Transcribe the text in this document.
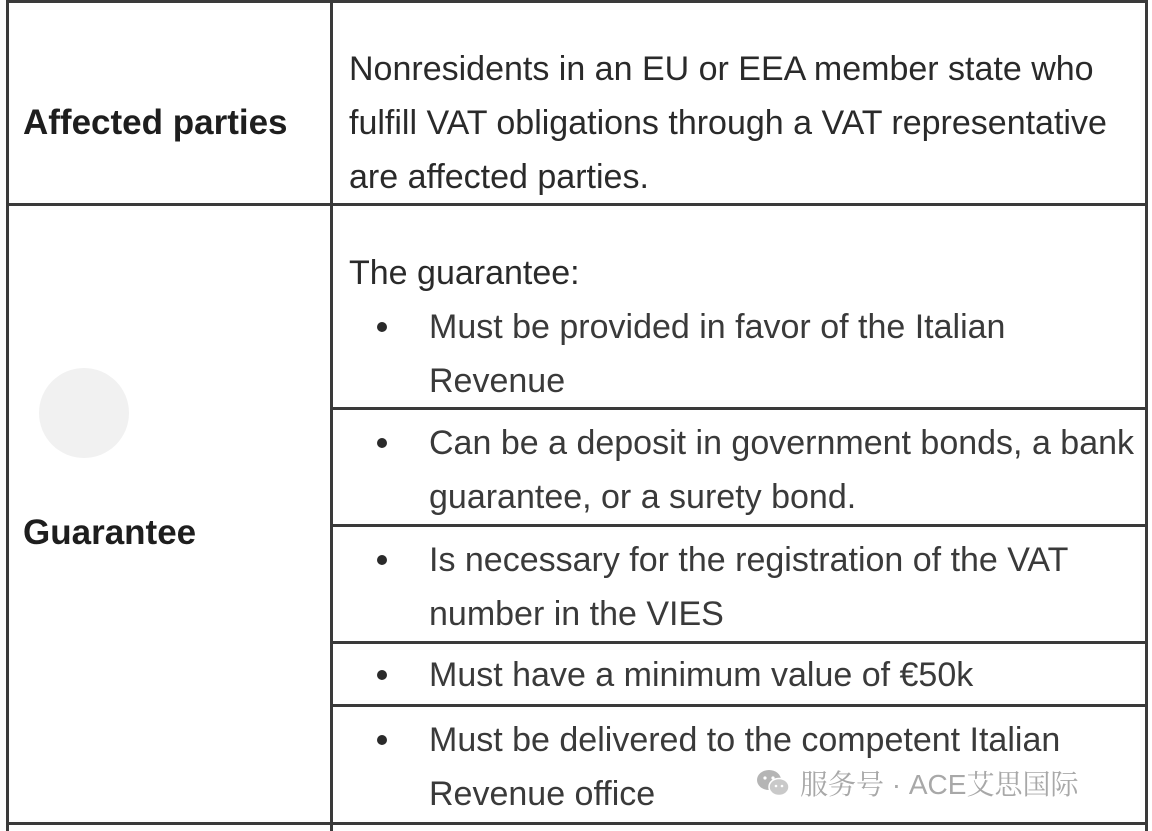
Affected parties
Nonresidents in an EU or EEA member state who fulfill VAT obligations through a VAT representative are affected parties.
Guarantee
The guarantee:
Must be provided in favor of the Italian Revenue
Can be a deposit in government bonds, a bank guarantee, or a surety bond.
Is necessary for the registration of the VAT number in the VIES
Must have a minimum value of €50k
Must be delivered to the competent Italian Revenue office	服务号 · ACE艾思国际
